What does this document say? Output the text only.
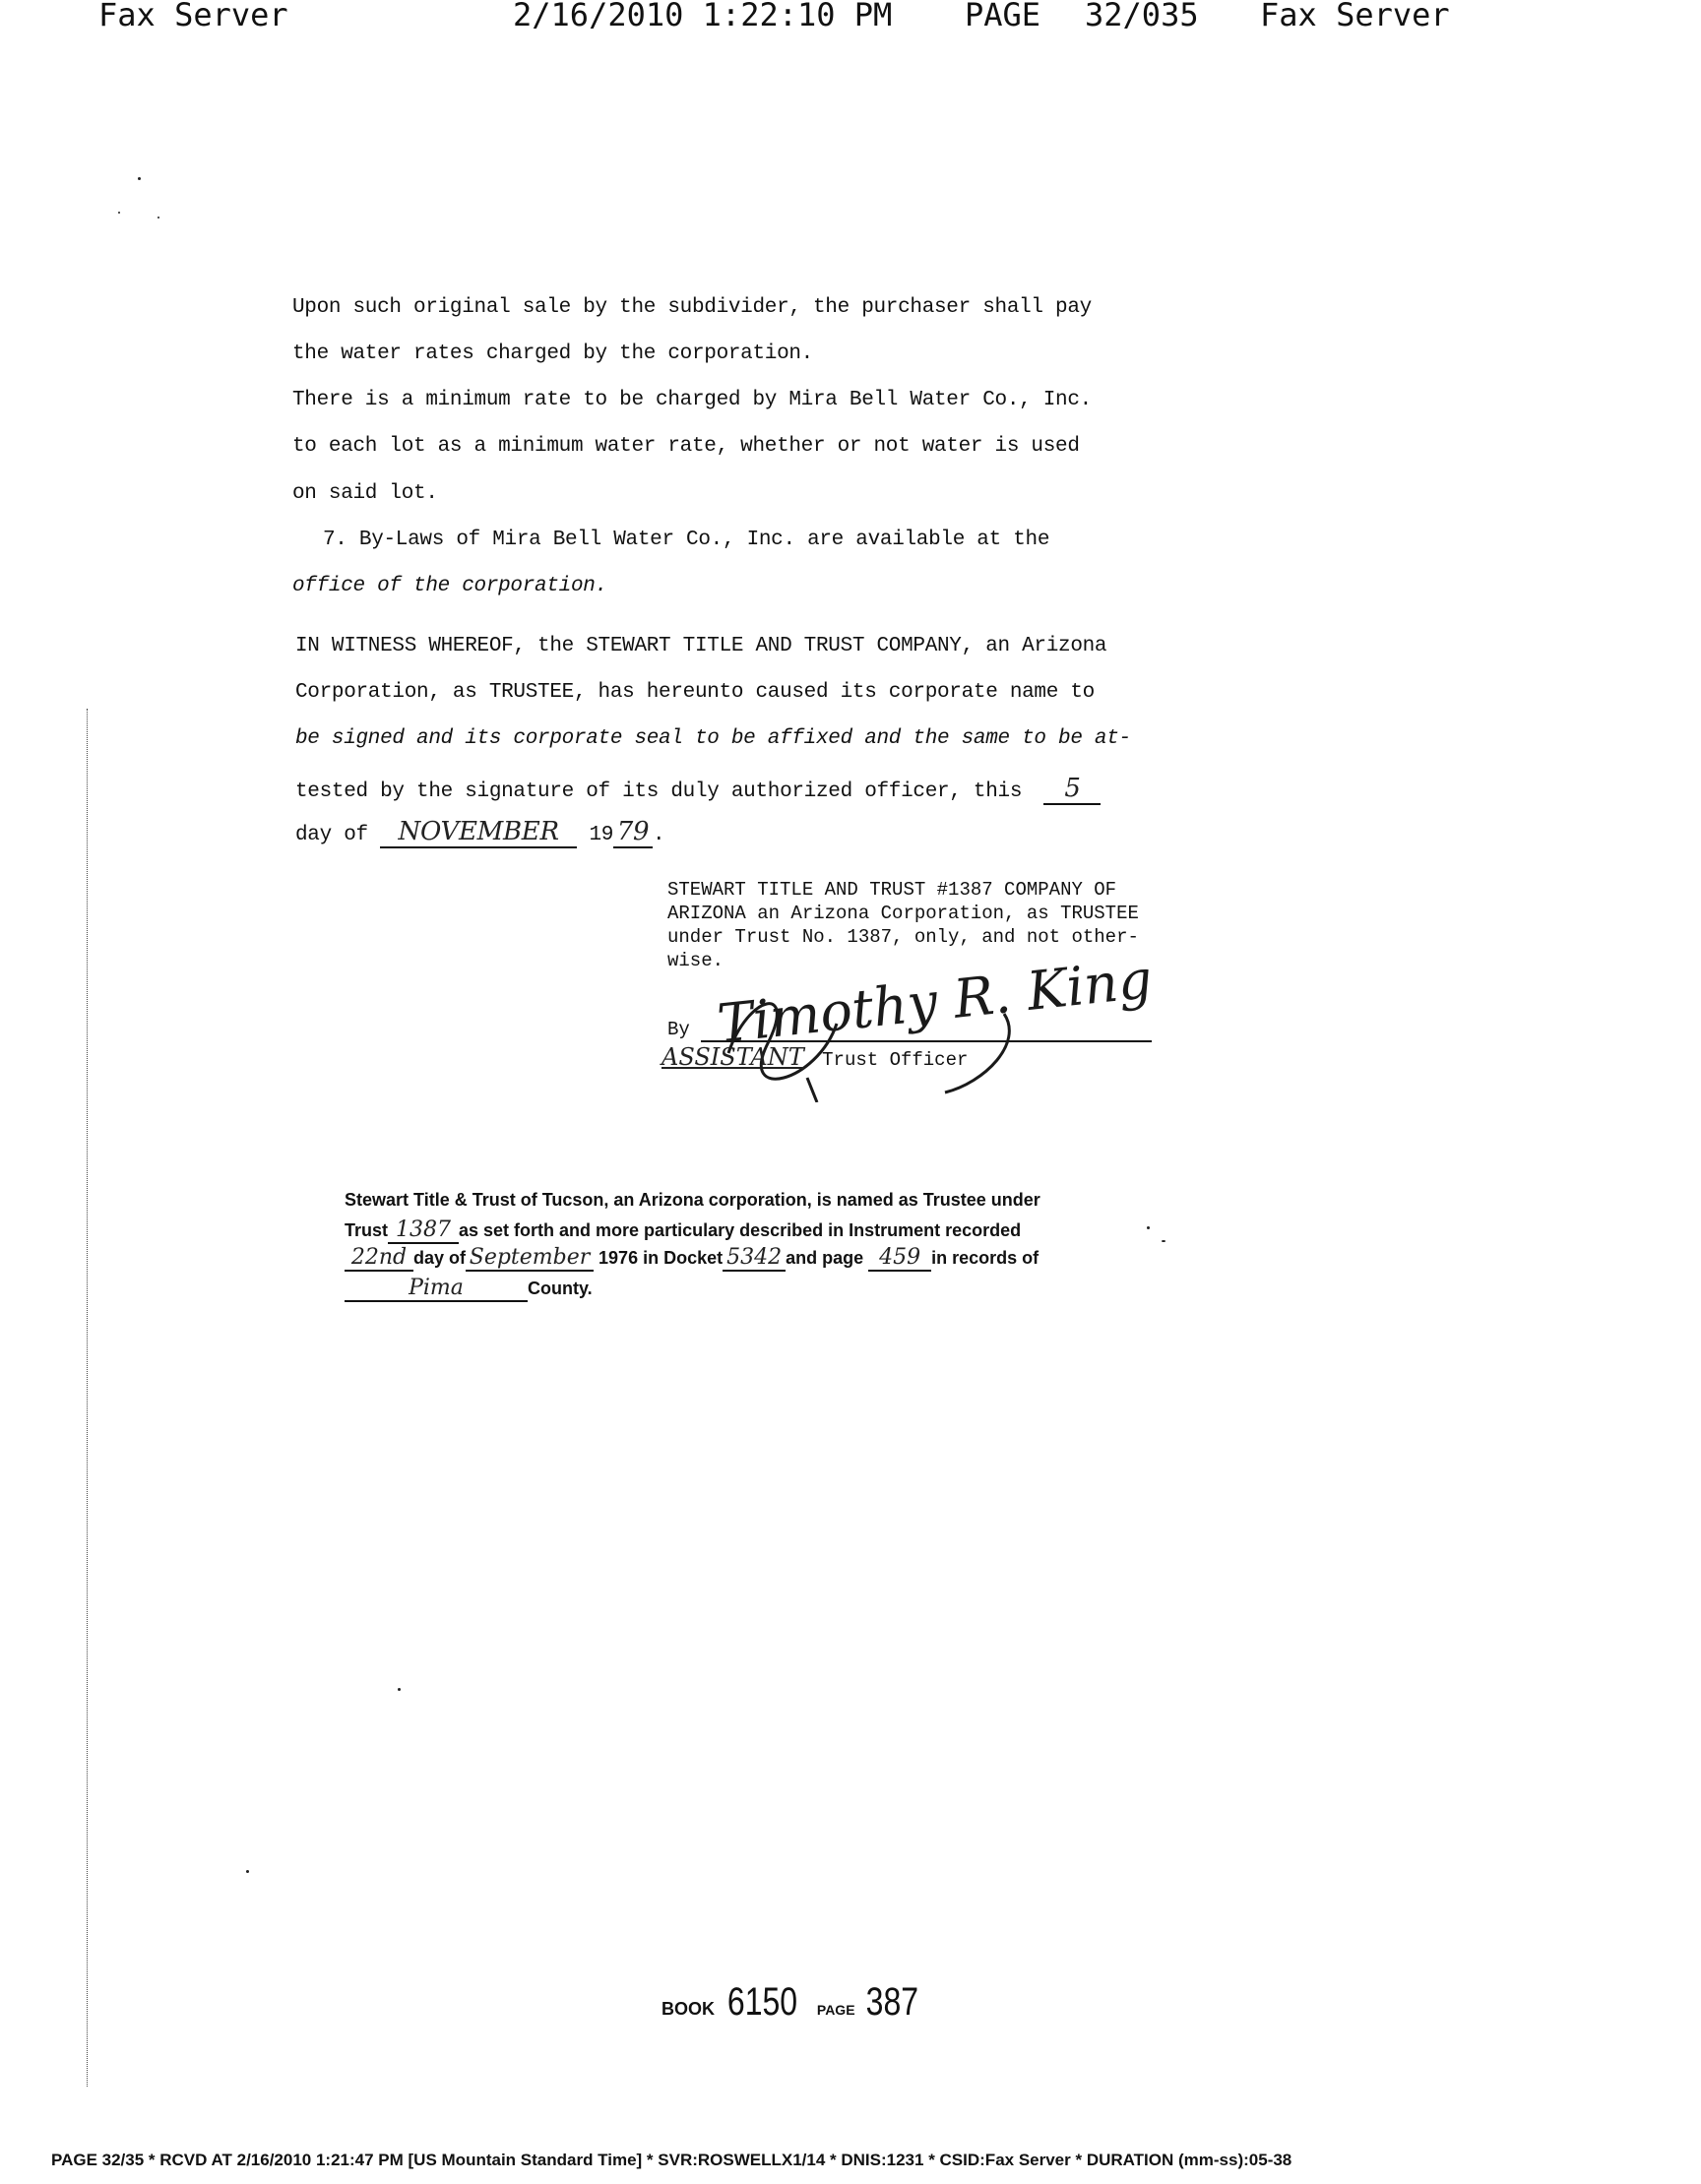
Fax Server	2/16/2010 1:22:10 PM PAGE 32/035 Fax Server
Upon such original sale by the subdivider, the purchaser shall pay
the water rates charged by the corporation.
There is a minimum rate to be charged by Mira Bell Water Co., Inc.
to each lot as a minimum water rate, whether or not water is used
on said lot.
7. By-Laws of Mira Bell Water Co., Inc. are available at the
office of the corporation.
IN WITNESS WHEREOF, the STEWART TITLE AND TRUST COMPANY, an Arizona
Corporation, as TRUSTEE, has hereunto caused its corporate name to
be signed and its corporate seal to be affixed and the same to be at-
tested by the signature of its duly authorized officer, this 5
day of NOVEMBER 19 79 .
STEWART TITLE AND TRUST #1387 COMPANY OF
ARIZONA an Arizona Corporation, as TRUSTEE
under Trust No. 1387, only, and not other-
wise.
By Timothy R. King
ASSISTANT Trust Officer
Stewart Title & Trust of Tucson, an Arizona corporation, is named as Trustee under
Trust 1387 as set forth and more particulary described in Instrument recorded
22nd day of September 1976 in Docket 5342 and page 459 in records of
Pima	County.
BOOK 6150 PAGE 387
PAGE 32/35 * RCVD AT 2/16/2010 1:21:47 PM [US Mountain Standard Time] * SVR:ROSWELLX1/14 * DNIS:1231 * CSID:Fax Server * DURATION (mm-ss):05-38
